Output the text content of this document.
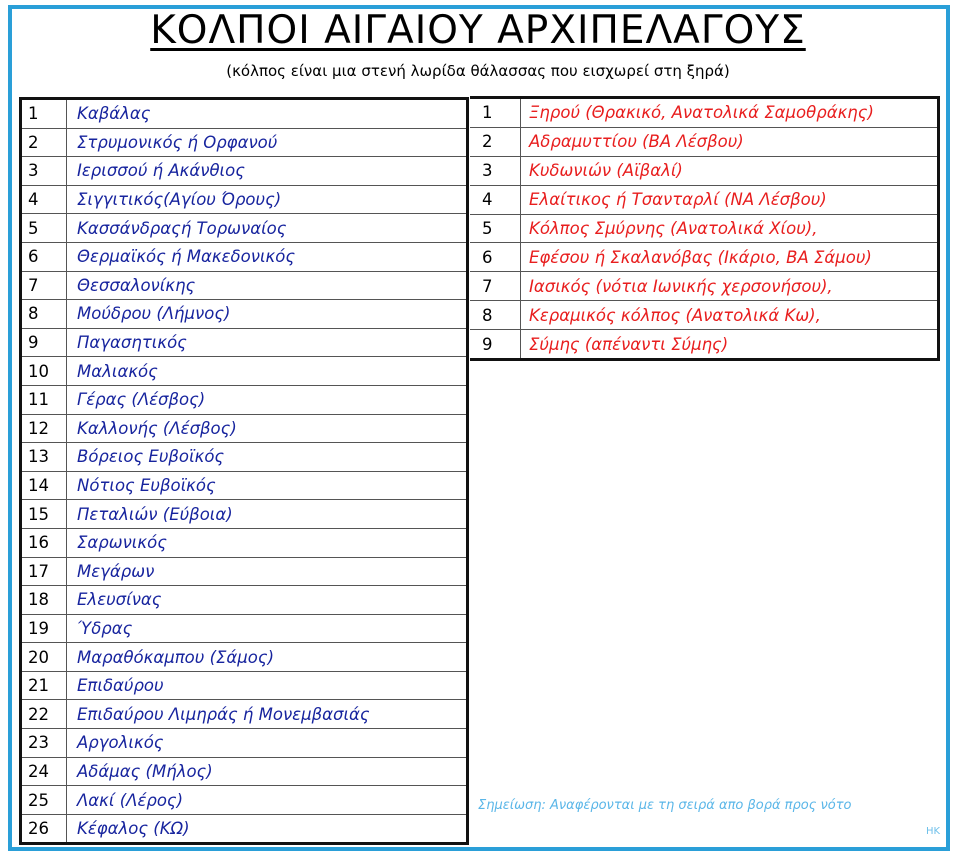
ΚΟΛΠΟΙ ΑΙΓΑΙΟΥ ΑΡΧΙΠΕΛΑΓΟΥΣ
(κόλπος είναι μια στενή λωρίδα θάλασσας που εισχωρεί στη ξηρά)
1	Καβάλας
2	Στρυμονικός ή Ορφανού
3	Ιερισσού ή Ακάνθιος
4	Σιγγιτικός(Αγίου Όρους)
5	Κασσάνδραςή Τορωναίος
6	Θερμαϊκός ή Μακεδονικός
7	Θεσσαλονίκης
8	Μούδρου (Λήμνος)
9	Παγασητικός
10	Μαλιακός
11	Γέρας (Λέσβος)
12	Καλλονής (Λέσβος)
13	Βόρειος Ευβοϊκός
14	Νότιος Ευβοϊκός
15	Πεταλιών (Εύβοια)
16	Σαρωνικός
17	Μεγάρων
18	Ελευσίνας
19	Ύδρας
20	Μαραθόκαμπου (Σάμος)
21	Επιδαύρου
22	Επιδαύρου Λιμηράς ή Μονεμβασιάς
23	Αργολικός
24	Αδάμας (Μήλος)
25	Λακί (Λέρος)
26	Κέφαλος (ΚΩ)
1	Ξηρού (Θρακικό, Ανατολικά Σαμοθράκης)
2	Αδραμυττίου (ΒΑ Λέσβου)
3	Κυδωνιών (Αϊβαλί)
4	Ελαίτικος ή Τσανταρλί (ΝΑ Λέσβου)
5	Κόλπος Σμύρνης (Ανατολικά Χίου),
6	Εφέσου ή Σκαλανόβας (Ικάριο, ΒΑ Σάμου)
7	Ιασικός (νότια Ιωνικής χερσονήσου),
8	Κεραμικός κόλπος (Ανατολικά Κω),
9	Σύμης (απέναντι Σύμης)
Σημείωση: Αναφέρονται με τη σειρά απο βορά προς νότο
HK
